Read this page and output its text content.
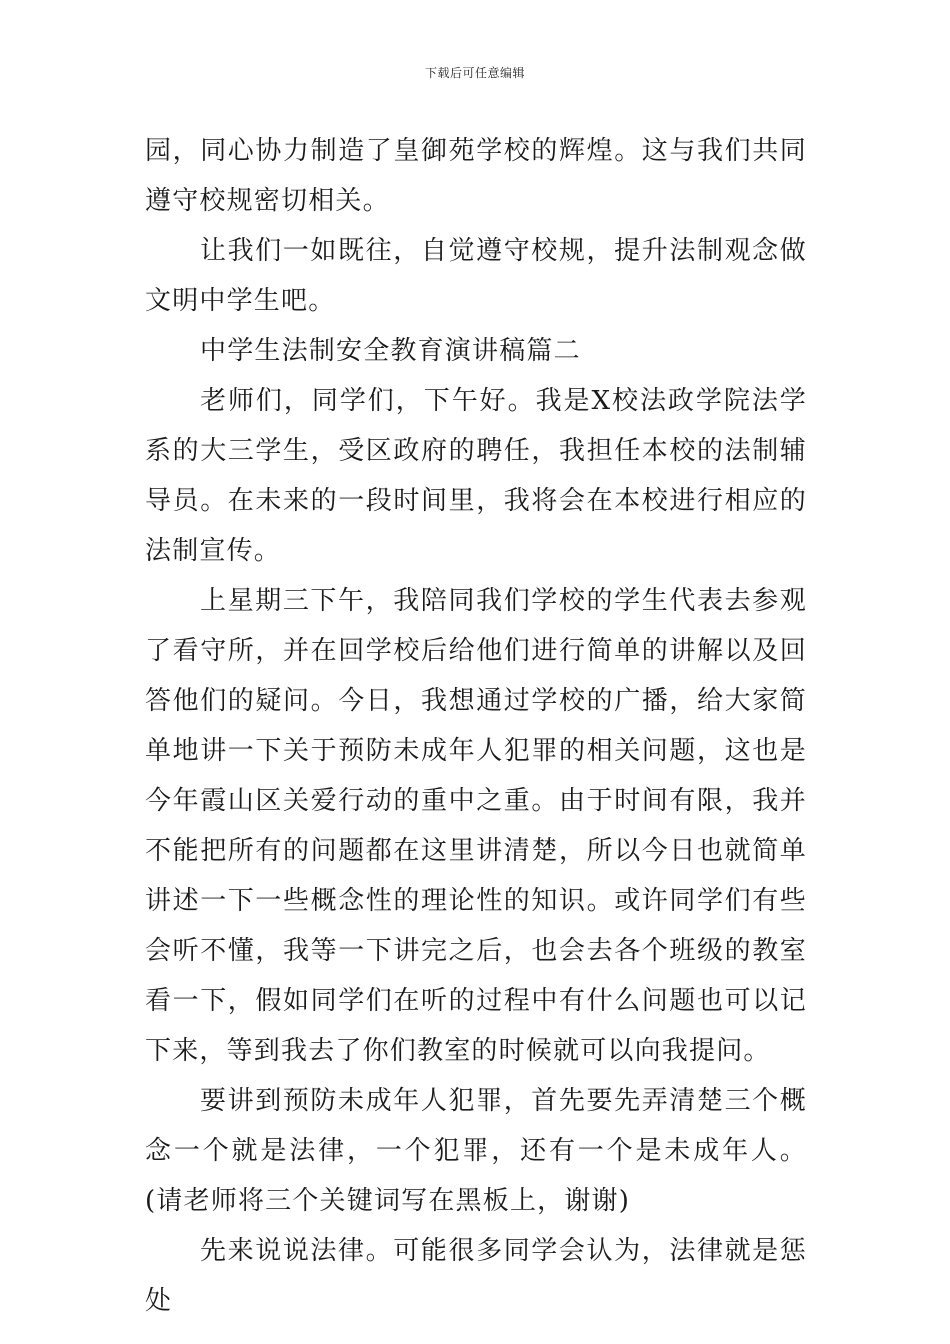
下载后可任意编辑

园，同心协力制造了皇御苑学校的辉煌。这与我们共同遵守校规密切相关。

让我们一如既往，自觉遵守校规，提升法制观念做文明中学生吧。

中学生法制安全教育演讲稿篇二

老师们，同学们，下午好。我是X校法政学院法学系的大三学生，受区政府的聘任，我担任本校的法制辅导员。在未来的一段时间里，我将会在本校进行相应的法制宣传。

上星期三下午，我陪同我们学校的学生代表去参观了看守所，并在回学校后给他们进行简单的讲解以及回答他们的疑问。今日，我想通过学校的广播，给大家简单地讲一下关于预防未成年人犯罪的相关问题，这也是今年霞山区关爱行动的重中之重。由于时间有限，我并不能把所有的问题都在这里讲清楚，所以今日也就简单讲述一下一些概念性的理论性的知识。或许同学们有些会听不懂，我等一下讲完之后，也会去各个班级的教室看一下，假如同学们在听的过程中有什么问题也可以记下来，等到我去了你们教室的时候就可以向我提问。

要讲到预防未成年人犯罪，首先要先弄清楚三个概念一个就是法律，一个犯罪，还有一个是未成年人。(请老师将三个关键词写在黑板上，谢谢)

先来说说法律。可能很多同学会认为，法律就是惩处
